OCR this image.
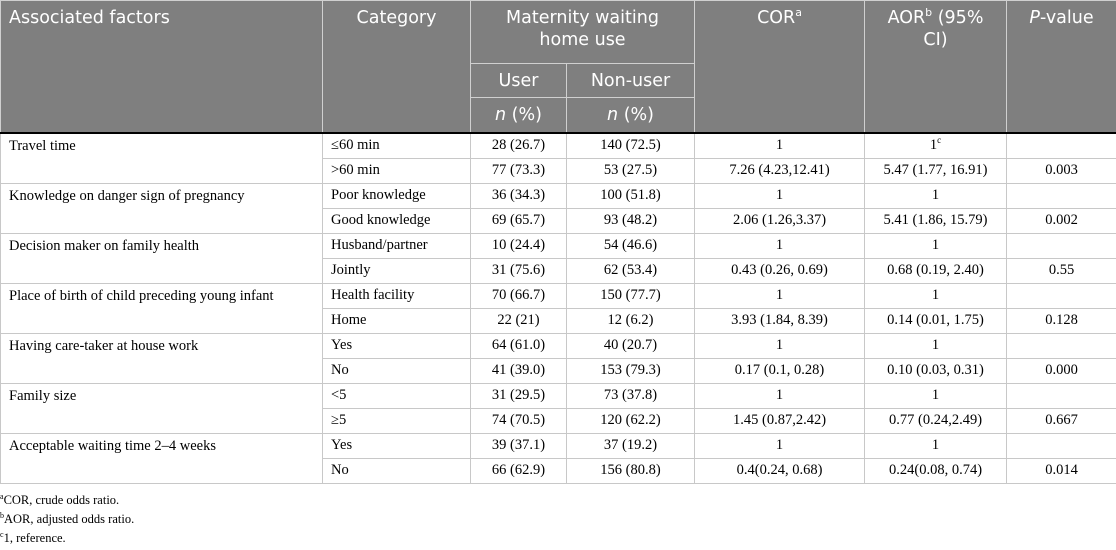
Associated factors	Category	Maternity waiting home use		COR$^a$	AOR$^b$ (95% CI)	P-value
		User	Non-user			
		n (%)	n (%)			
Travel time	≤60 min	28 (26.7)	140 (72.5)	1	1$^c$	
	>60 min	77 (73.3)	53 (27.5)	7.26 (4.23,12.41)	5.47 (1.77, 16.91)	0.003
Knowledge on danger sign of pregnancy	Poor knowledge	36 (34.3)	100 (51.8)	1	1	
	Good knowledge	69 (65.7)	93 (48.2)	2.06 (1.26,3.37)	5.41 (1.86, 15.79)	0.002
Decision maker on family health	Husband/partner	10 (24.4)	54 (46.6)	1	1	
	Jointly	31 (75.6)	62 (53.4)	0.43 (0.26, 0.69)	0.68 (0.19, 2.40)	0.55
Place of birth of child preceding young infant	Health facility	70 (66.7)	150 (77.7)	1	1	
	Home	22 (21)	12 (6.2)	3.93 (1.84, 8.39)	0.14 (0.01, 1.75)	0.128
Having care-taker at house work	Yes	64 (61.0)	40 (20.7)	1	1	
	No	41 (39.0)	153 (79.3)	0.17 (0.1, 0.28)	0.10 (0.03, 0.31)	0.000
Family size	<5	31 (29.5)	73 (37.8)	1	1	
	≥5	74 (70.5)	120 (62.2)	1.45 (0.87,2.42)	0.77 (0.24,2.49)	0.667
Acceptable waiting time 2–4 weeks	Yes	39 (37.1)	37 (19.2)	1	1	
	No	66 (62.9)	156 (80.8)	0.4(0.24, 0.68)	0.24(0.08, 0.74)	0.014
$^a$COR, crude odds ratio.
$^b$AOR, adjusted odds ratio.
$^c$1, reference.
